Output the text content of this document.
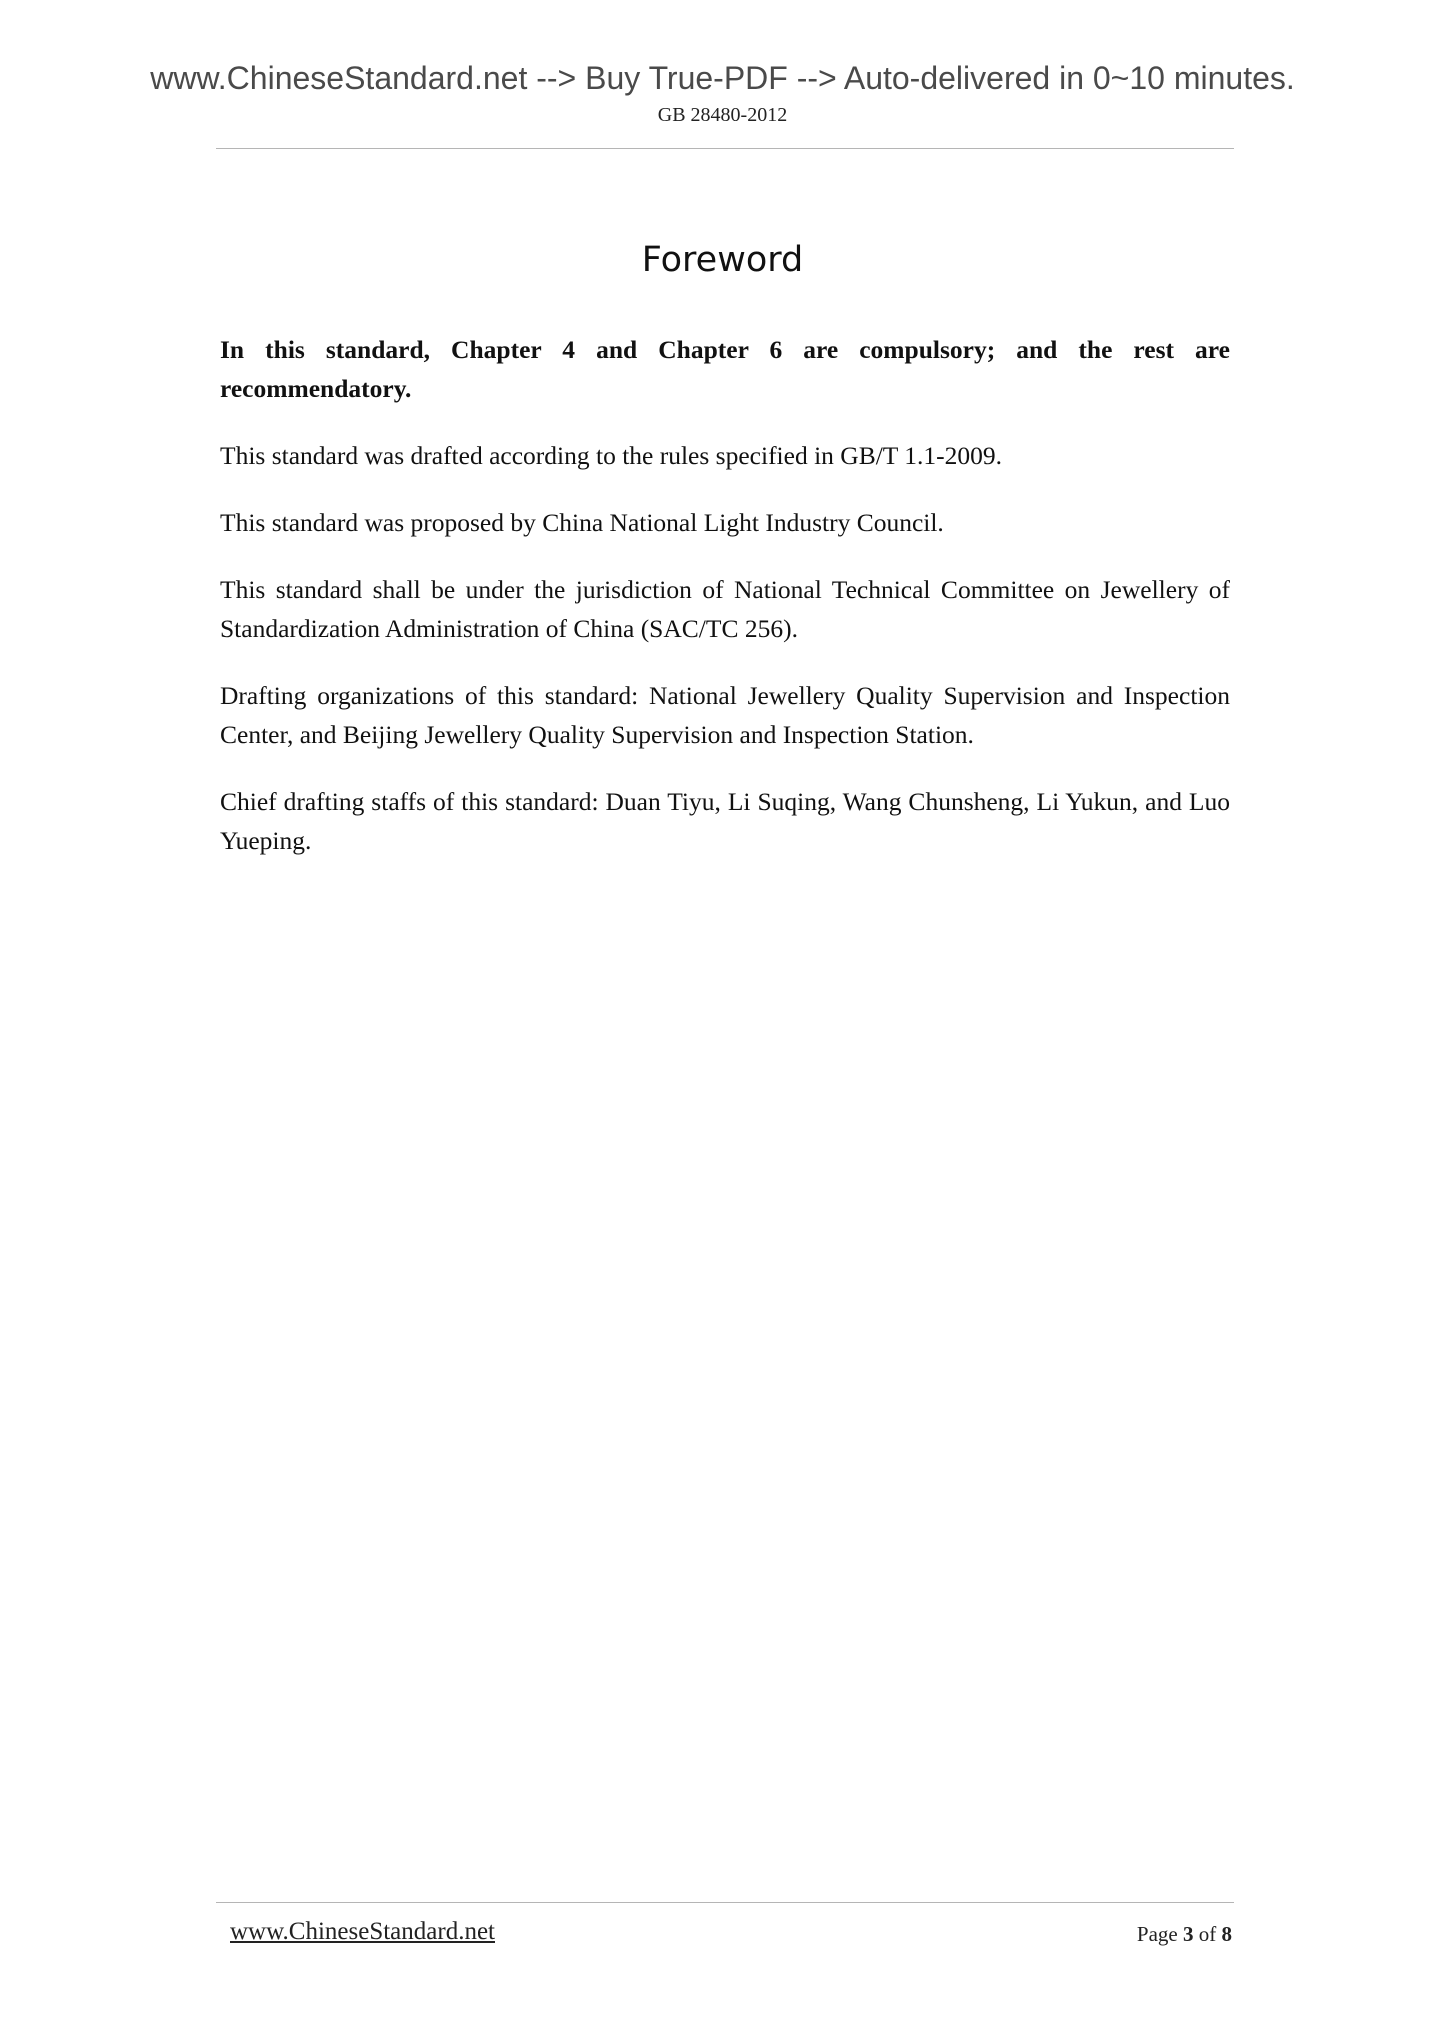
www.ChineseStandard.net --> Buy True-PDF --> Auto-delivered in 0~10 minutes.
GB 28480-2012
Foreword

In this standard, Chapter 4 and Chapter 6 are compulsory; and the rest are recommendatory.

This standard was drafted according to the rules specified in GB/T 1.1-2009.

This standard was proposed by China National Light Industry Council.

This standard shall be under the jurisdiction of National Technical Committee on Jewellery of Standardization Administration of China (SAC/TC 256).

Drafting organizations of this standard: National Jewellery Quality Supervision and Inspection Center, and Beijing Jewellery Quality Supervision and Inspection Station.

Chief drafting staffs of this standard: Duan Tiyu, Li Suqing, Wang Chunsheng, Li Yukun, and Luo Yueping.

www.ChineseStandard.net	Page 3 of 8
